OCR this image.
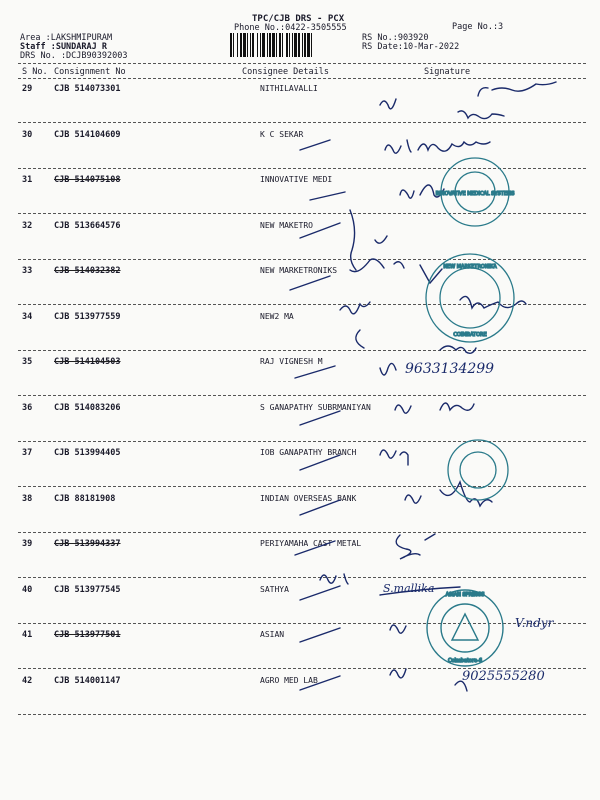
TPC/CJB DRS - PCX
Phone No.:0422-3505555	Page No.:3
Area :LAKSHMIPURAM
Staff :SUNDARAJ R
DRS No. :DCJB90392003
RS No.:903920
RS Date:10-Mar-2022
S No. Consignment No	Consignee Details	Signature
29	CJB 514073301	NITHILAVALLI
30	CJB 514104609	K C SEKAR
31	CJB 514075108	INNOVATIVE MEDI
32	CJB 513664576	NEW MAKETRO
33	CJB 514032382	NEW MARKETRONIKS
34	CJB 513977559	NEW2 MA
35	CJB 514104503	RAJ VIGNESH M
36	CJB 514083206	S GANAPATHY SUBRMANIYAN
37	CJB 513994405	IOB GANAPATHY BRANCH
38	CJB 88181908	INDIAN OVERSEAS BANK
39	CJB 513994337	PERIYAMAHA CAST METAL
40	CJB 513977545	SATHYA
41	CJB 513977501	ASIAN
42	CJB 514001147	AGRO MED LAB
INNOVATIVE MEDICAL SYSTEMS
NEW MARKETRONIKA
COIMBATORE
ASIAN SPRINGS
Coimbatore-6
9633134299
S.mallika
V.ndyr
9025555280
